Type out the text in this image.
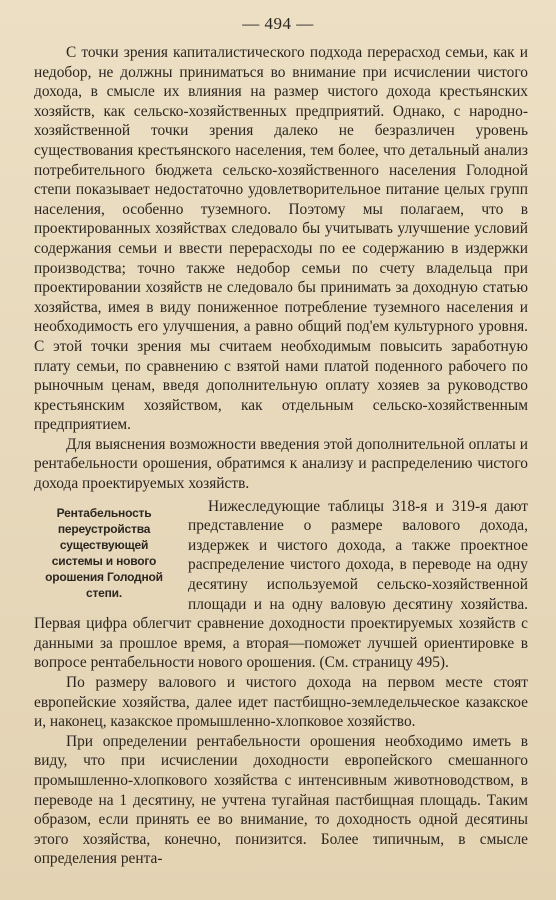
— 494 —

С точки зрения капиталистического подхода перерасход семьи, как и недобор, не должны приниматься во внимание при исчислении чистого дохода, в смысле их влияния на размер чистого дохода крестьянских хозяйств, как сельско-хозяйственных предприятий. Однако, с народно-хозяйственной точки зрения далеко не безразличен уровень существования крестьянского населения, тем более, что детальный анализ потребительного бюджета сельско-хозяйственного населения Голодной степи показывает недостаточно удовлетворительное питание целых групп населения, особенно туземного. Поэтому мы полагаем, что в проектированных хозяйствах следовало бы учитывать улучшение условий содержания семьи и ввести перерасходы по ее содержанию в издержки производства; точно также недобор семьи по счету владельца при проектировании хозяйств не следовало бы принимать за доходную статью хозяйства, имея в виду пониженное потребление туземного населения и необходимость его улучшения, а равно общий под'ем культурного уровня. С этой точки зрения мы считаем необходимым повысить заработную плату семьи, по сравнению с взятой нами платой поденного рабочего по рыночным ценам, введя дополнительную оплату хозяев за руководство крестьянским хозяйством, как отдельным сельско-хозяйственным предприятием.

Для выяснения возможности введения этой дополнительной оплаты и рентабельности орошения, обратимся к анализу и распределению чистого дохода проектируемых хозяйств.

Рентабельность переустройства существующей системы и нового орошения Голодной степи.

Нижеследующие таблицы 318-я и 319-я дают представление о размере валового дохода, издержек и чистого дохода, а также проектное распределение чистого дохода, в переводе на одну десятину используемой сельско-хозяйственной площади и на одну валовую десятину хозяйства. Первая цифра облегчит сравнение доходности проектируемых хозяйств с данными за прошлое время, а вторая—поможет лучшей ориентировке в вопросе рентабельности нового орошения. (См. страницу 495).

По размеру валового и чистого дохода на первом месте стоят европейские хозяйства, далее идет пастбищно-земледельческое казакское и, наконец, казакское промышленно-хлопковое хозяйство.

При определении рентабельности орошения необходимо иметь в виду, что при исчислении доходности европейского смешанного промышленно-хлопкового хозяйства с интенсивным животноводством, в переводе на 1 десятину, не учтена тугайная пастбищная площадь. Таким образом, если принять ее во внимание, то доходность одной десятины этого хозяйства, конечно, понизится. Более типичным, в смысле определения рента-
